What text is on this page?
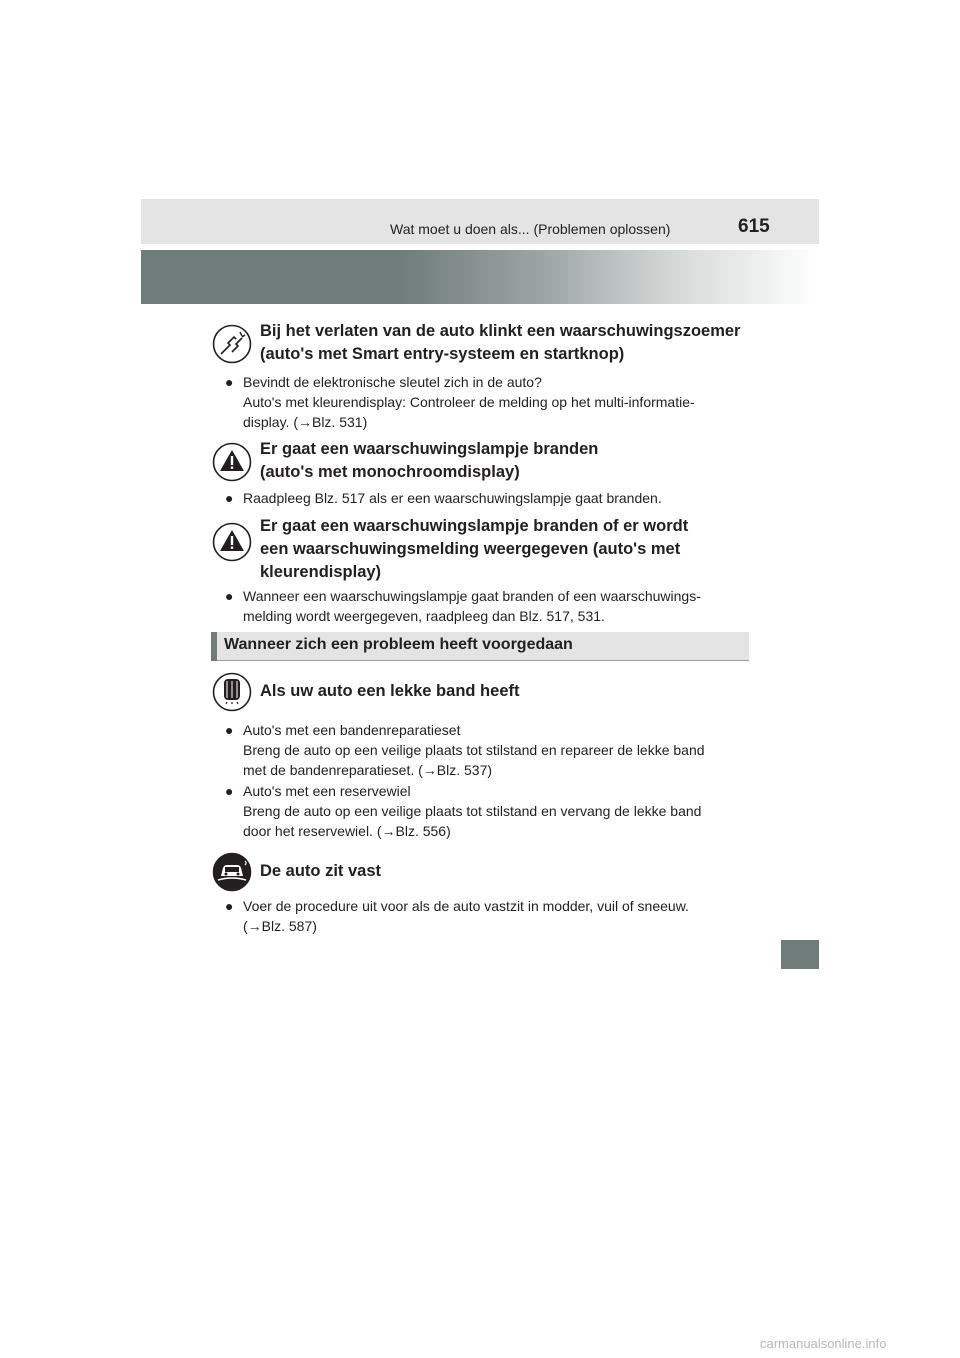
Wat moet u doen als... (Problemen oplossen)	615
Bij het verlaten van de auto klinkt een waarschuwingszoemer
(auto's met Smart entry-systeem en startknop)
● Bevindt de elektronische sleutel zich in de auto?
Auto's met kleurendisplay: Controleer de melding op het multi-informatie-
display. (→Blz. 531)
Er gaat een waarschuwingslampje branden
(auto's met monochroomdisplay)
● Raadpleeg Blz. 517 als er een waarschuwingslampje gaat branden.
Er gaat een waarschuwingslampje branden of er wordt
een waarschuwingsmelding weergegeven (auto's met
kleurendisplay)
● Wanneer een waarschuwingslampje gaat branden of een waarschuwings-
melding wordt weergegeven, raadpleeg dan Blz. 517, 531.
Wanneer zich een probleem heeft voorgedaan
Als uw auto een lekke band heeft
● Auto's met een bandenreparatieset
Breng de auto op een veilige plaats tot stilstand en repareer de lekke band
met de bandenreparatieset. (→Blz. 537)
● Auto's met een reservewiel
Breng de auto op een veilige plaats tot stilstand en vervang de lekke band
door het reservewiel. (→Blz. 556)
De auto zit vast
● Voer de procedure uit voor als de auto vastzit in modder, vuil of sneeuw.
(→Blz. 587)
carmanualsonline.info
